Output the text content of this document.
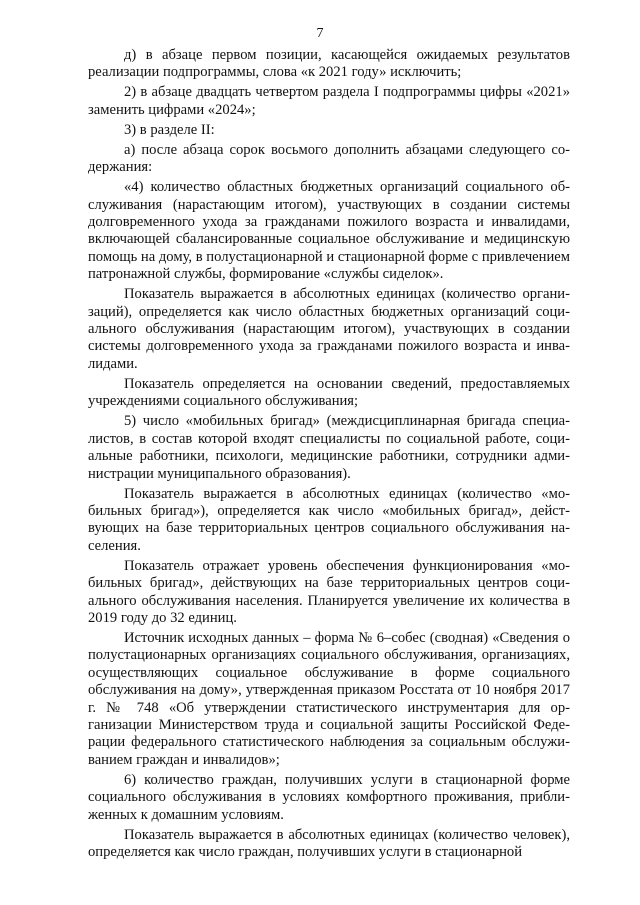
7

д) в абзаце первом позиции, касающейся ожидаемых результатов реализации подпрограммы, слова «к 2021 году» исключить;

2) в абзаце двадцать четвертом раздела I подпрограммы цифры «2021» заменить цифрами «2024»;

3) в разделе II:

а) после абзаца сорок восьмого дополнить абзацами следующего содержания:

«4) количество областных бюджетных организаций социального обслуживания (нарастающим итогом), участвующих в создании системы долговременного ухода за гражданами пожилого возраста и инвалидами, включающей сбалансированные социальное обслуживание и медицинскую помощь на дому, в полустационарной и стационарной форме с привлечением патронажной службы, формирование «службы сиделок».

Показатель выражается в абсолютных единицах (количество организаций), определяется как число областных бюджетных организаций социального обслуживания (нарастающим итогом), участвующих в создании системы долговременного ухода за гражданами пожилого возраста и инвалидами.

Показатель определяется на основании сведений, предоставляемых учреждениями социального обслуживания;

5) число «мобильных бригад» (междисциплинарная бригада специалистов, в состав которой входят специалисты по социальной работе, социальные работники, психологи, медицинские работники, сотрудники администрации муниципального образования).

Показатель выражается в абсолютных единицах (количество «мобильных бригад»), определяется как число «мобильных бригад», действующих на базе территориальных центров социального обслуживания населения.

Показатель отражает уровень обеспечения функционирования «мобильных бригад», действующих на базе территориальных центров социального обслуживания населения. Планируется увеличение их количества в 2019 году до 32 единиц.

Источник исходных данных – форма № 6–собес (сводная) «Сведения о полустационарных организациях социального обслуживания, организациях, осуществляющих социальное обслуживание в форме социального обслуживания на дому», утвержденная приказом Росстата от 10 ноября 2017 г. № 748 «Об утверждении статистического инструментария для организации Министерством труда и социальной защиты Российской Федерации федерального статистического наблюдения за социальным обслуживанием граждан и инвалидов»;

6) количество граждан, получивших услуги в стационарной форме социального обслуживания в условиях комфортного проживания, приближенных к домашним условиям.

Показатель выражается в абсолютных единицах (количество человек), определяется как число граждан, получивших услуги в стационарной
